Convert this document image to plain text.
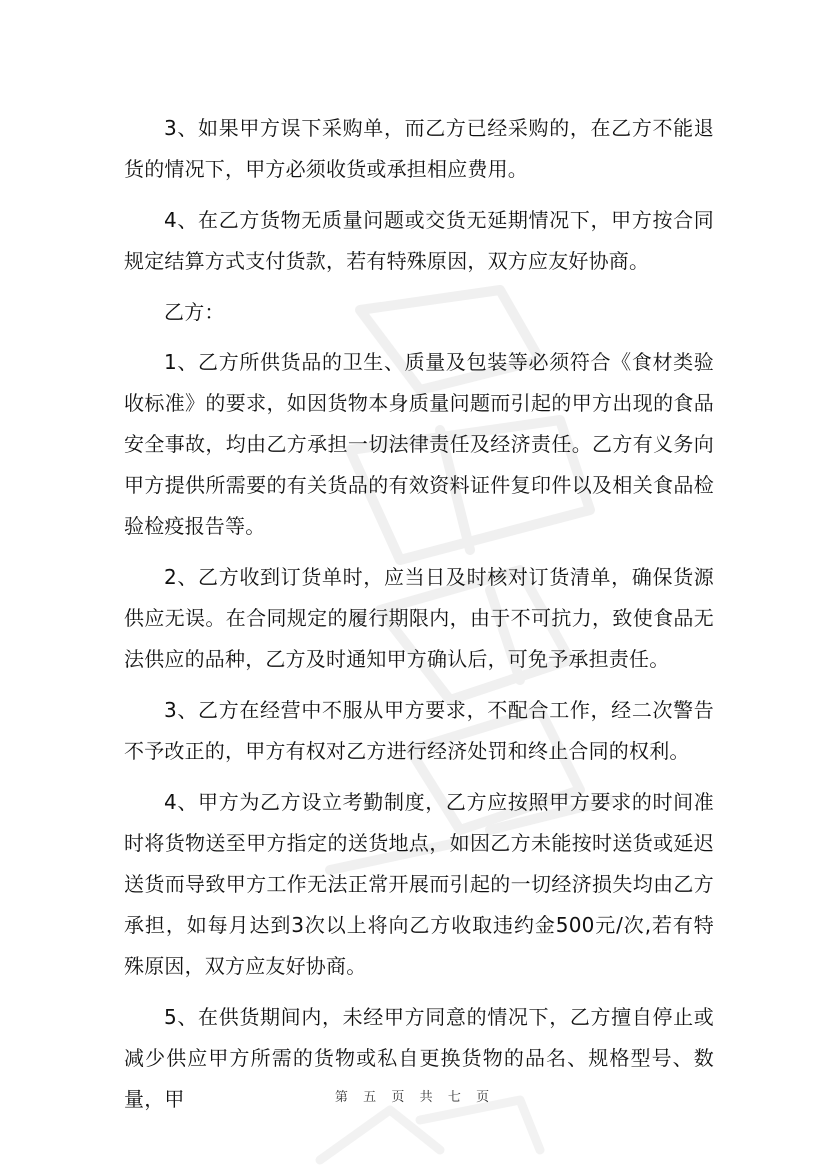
3、如果甲方误下采购单，而乙方已经采购的，在乙方不能退货的情况下，甲方必须收货或承担相应费用。

4、在乙方货物无质量问题或交货无延期情况下，甲方按合同规定结算方式支付货款，若有特殊原因，双方应友好协商。

乙方：

1、乙方所供货品的卫生、质量及包装等必须符合《食材类验收标准》的要求，如因货物本身质量问题而引起的甲方出现的食品安全事故，均由乙方承担一切法律责任及经济责任。乙方有义务向甲方提供所需要的有关货品的有效资料证件复印件以及相关食品检验检疫报告等。

2、乙方收到订货单时，应当日及时核对订货清单，确保货源供应无误。在合同规定的履行期限内，由于不可抗力，致使食品无法供应的品种，乙方及时通知甲方确认后，可免予承担责任。

3、乙方在经营中不服从甲方要求，不配合工作，经二次警告不予改正的，甲方有权对乙方进行经济处罚和终止合同的权利。

4、甲方为乙方设立考勤制度，乙方应按照甲方要求的时间准时将货物送至甲方指定的送货地点，如因乙方未能按时送货或延迟送货而导致甲方工作无法正常开展而引起的一切经济损失均由乙方承担，如每月达到3次以上将向乙方收取违约金500元/次,若有特殊原因，双方应友好协商。

5、在供货期间内，未经甲方同意的情况下，乙方擅自停止或减少供应甲方所需的货物或私自更换货物的品名、规格型号、数量，甲	第 五 页 共 七 页
